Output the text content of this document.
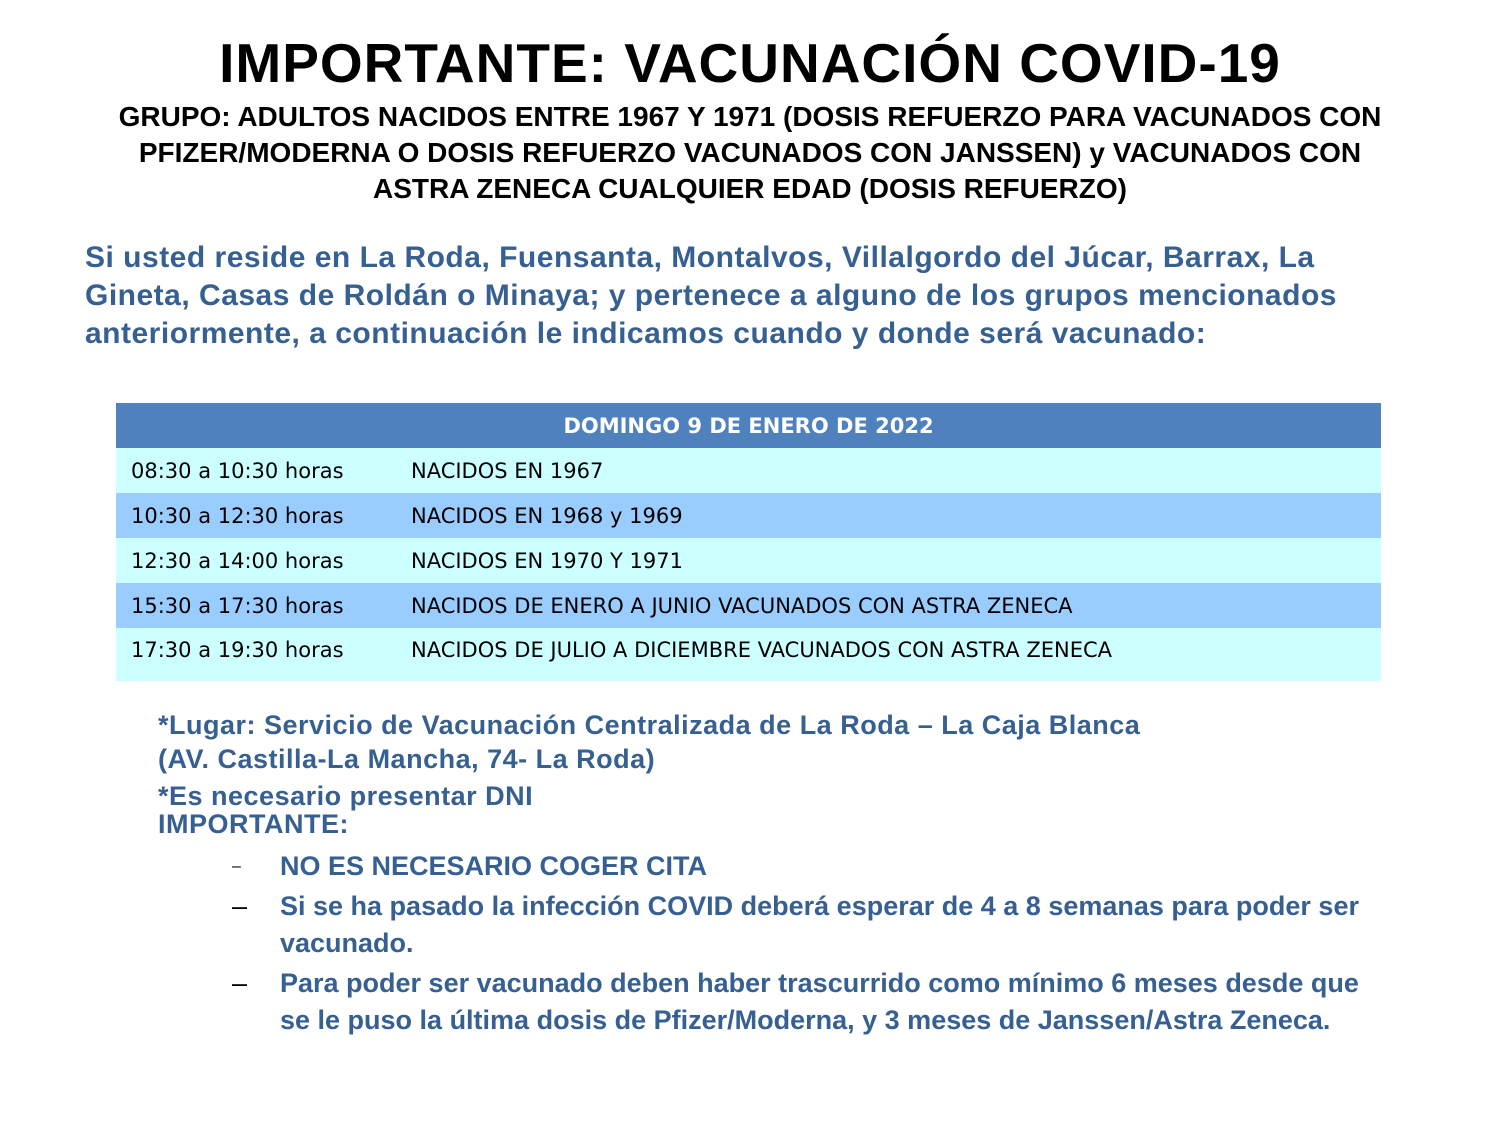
IMPORTANTE: VACUNACIÓN COVID-19
GRUPO: ADULTOS NACIDOS ENTRE 1967 Y 1971 (DOSIS REFUERZO PARA VACUNADOS CON PFIZER/MODERNA O DOSIS REFUERZO VACUNADOS CON JANSSEN) y VACUNADOS CON ASTRA ZENECA CUALQUIER EDAD (DOSIS REFUERZO)
Si usted reside en La Roda, Fuensanta, Montalvos, Villalgordo del Júcar, Barrax, La Gineta, Casas de Roldán o Minaya; y pertenece a alguno de los grupos mencionados anteriormente, a continuación le indicamos cuando y donde será vacunado:
DOMINGO 9 DE ENERO DE 2022
08:30 a 10:30 horas	NACIDOS EN 1967
10:30 a 12:30 horas	NACIDOS EN 1968 y 1969
12:30 a 14:00 horas	NACIDOS EN 1970 Y 1971
15:30 a 17:30 horas	NACIDOS DE ENERO A JUNIO VACUNADOS CON ASTRA ZENECA
17:30 a 19:30 horas	NACIDOS DE JULIO A DICIEMBRE VACUNADOS CON ASTRA ZENECA
*Lugar: Servicio de Vacunación Centralizada de La Roda – La Caja Blanca
(AV. Castilla-La Mancha, 74- La Roda)
*Es necesario presentar DNI
IMPORTANTE:
–	NO ES NECESARIO COGER CITA
–	Si se ha pasado la infección COVID deberá esperar de 4 a 8 semanas para poder ser vacunado.
–	Para poder ser vacunado deben haber trascurrido como mínimo 6 meses desde que se le puso la última dosis de Pfizer/Moderna, y 3 meses de Janssen/Astra Zeneca.
